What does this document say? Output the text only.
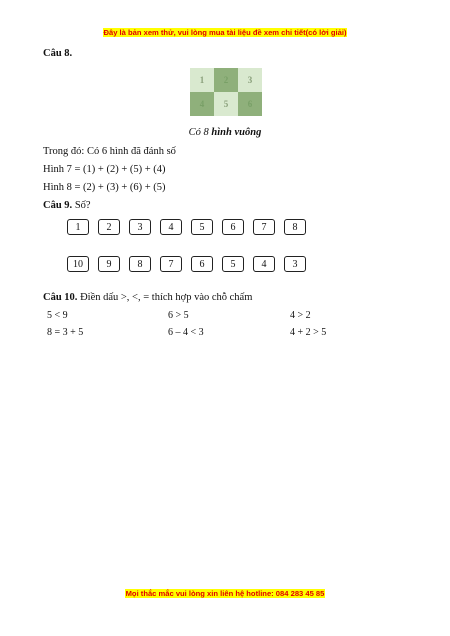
Đây là bản xem thử, vui lòng mua tài liệu đề xem chi tiết(có lời giải)
Câu 8.
1	2	3
4	5	6
Có 8 hình vuông
Trong đó: Có 6 hình đã đánh số
Hình 7 = (1) + (2) + (5) + (4)
Hình 8 = (2) + (3) + (6) + (5)
Câu 9. Số?
1	2	3	4	5	6	7	8
10	9	8	7	6	5	4	3
Câu 10. Điền dấu >, <, = thích hợp vào chỗ chấm
5 < 9	6 > 5	4 > 2
8 = 3 + 5	6 – 4 < 3	4 + 2 > 5
Mọi thắc mắc vui lòng xin liên hệ hotline: 084 283 45 85
